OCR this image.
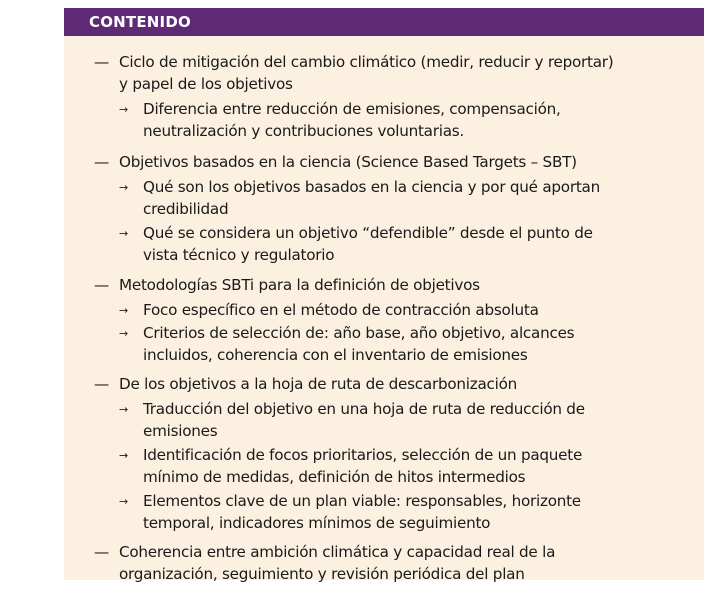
CONTENIDO
— Ciclo de mitigación del cambio climático (medir, reducir y reportar)
y papel de los objetivos
→ Diferencia entre reducción de emisiones, compensación,
neutralización y contribuciones voluntarias.
— Objetivos basados en la ciencia (Science Based Targets – SBT)
→ Qué son los objetivos basados en la ciencia y por qué aportan
credibilidad
→ Qué se considera un objetivo “defendible” desde el punto de
vista técnico y regulatorio
— Metodologías SBTi para la definición de objetivos
→ Foco específico en el método de contracción absoluta
→ Criterios de selección de: año base, año objetivo, alcances
incluidos, coherencia con el inventario de emisiones
— De los objetivos a la hoja de ruta de descarbonización
→ Traducción del objetivo en una hoja de ruta de reducción de
emisiones
→ Identificación de focos prioritarios, selección de un paquete
mínimo de medidas, definición de hitos intermedios
→ Elementos clave de un plan viable: responsables, horizonte
temporal, indicadores mínimos de seguimiento
— Coherencia entre ambición climática y capacidad real de la
organización, seguimiento y revisión periódica del plan
